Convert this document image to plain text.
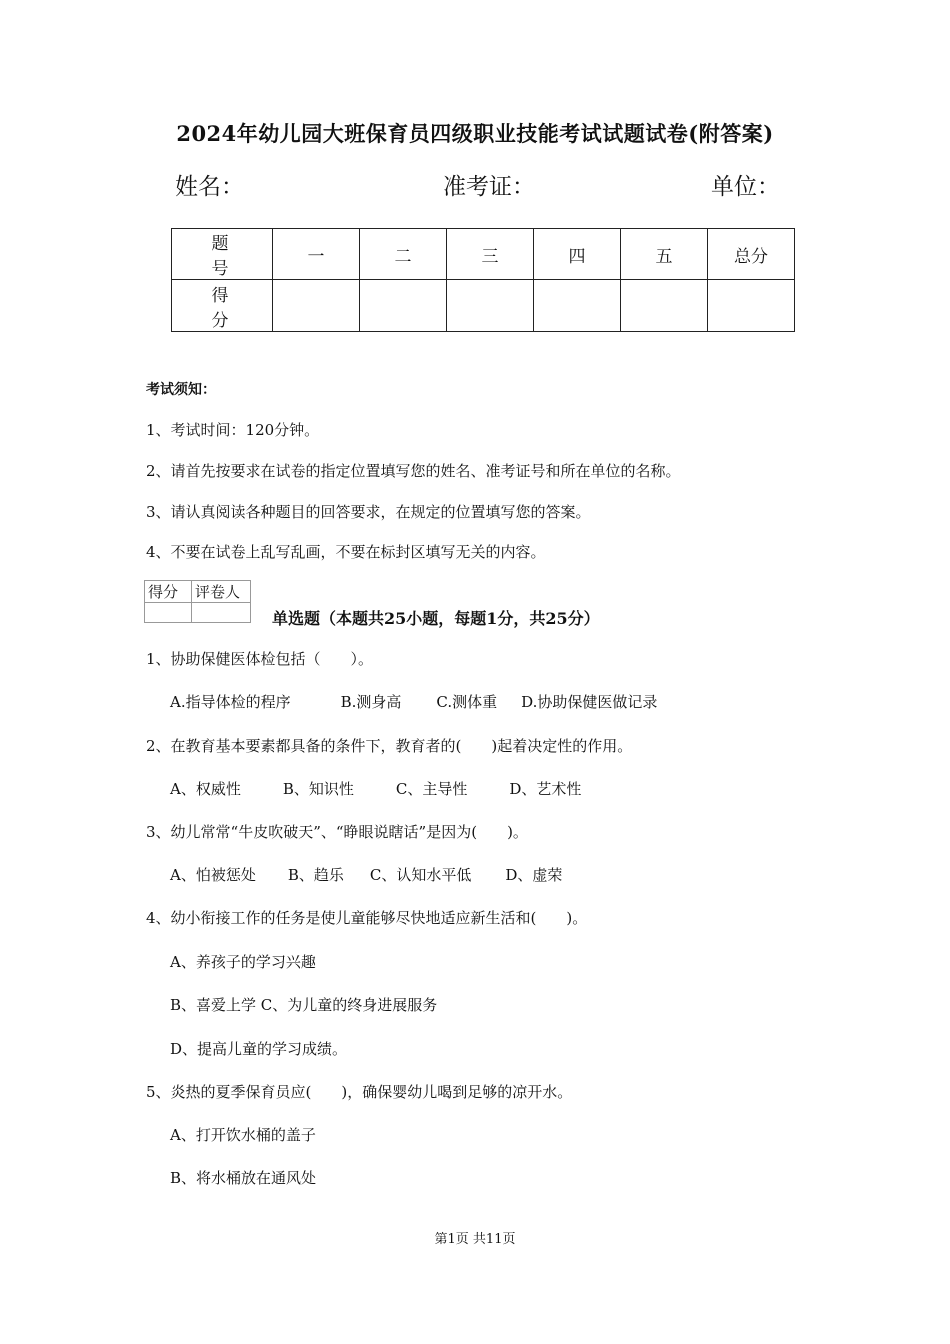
2024年幼儿园大班保育员四级职业技能考试试题试卷(附答案)
姓名：	准考证：	单位：
题　号	一	二	三	四	五	总分
得　分						
考试须知：
1、考试时间：120分钟。
2、请首先按要求在试卷的指定位置填写您的姓名、准考证号和所在单位的名称。
3、请认真阅读各种题目的回答要求，在规定的位置填写您的答案。
4、不要在试卷上乱写乱画，不要在标封区填写无关的内容。
得分	评卷人

单选题（本题共25小题，每题1分，共25分）
1、协助保健医体检包括（　　）。
A.指导体检的程序	B.测身高 C.测体重 D.协助保健医做记录
2、在教育基本要素都具备的条件下，教育者的(　　)起着决定性的作用。
A、权威性	B、知识性	C、主导性	D、艺术性
3、幼儿常常“牛皮吹破天”、“睁眼说瞎话”是因为(　　)。
A、怕被惩处 B、趋乐 C、认知水平低 D、虚荣
4、幼小衔接工作的任务是使儿童能够尽快地适应新生活和(　　)。
A、养孩子的学习兴趣
B、喜爱上学 C、为儿童的终身进展服务
D、提高儿童的学习成绩。
5、炎热的夏季保育员应(　　)，确保婴幼儿喝到足够的凉开水。
A、打开饮水桶的盖子
B、将水桶放在通风处
第1页 共11页
